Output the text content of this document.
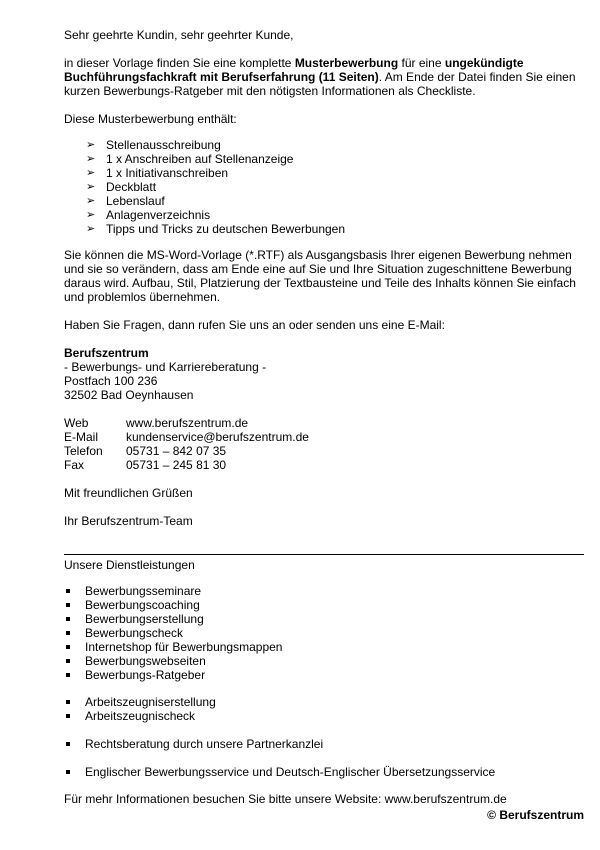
Sehr geehrte Kundin, sehr geehrter Kunde,
in dieser Vorlage finden Sie eine komplette Musterbewerbung für eine ungekündigte
Buchführungsfachkraft mit Berufserfahrung (11 Seiten). Am Ende der Datei finden Sie einen
kurzen Bewerbungs-Ratgeber mit den nötigsten Informationen als Checkliste.
Diese Musterbewerbung enthält:
➢ Stellenausschreibung
➢ 1 x Anschreiben auf Stellenanzeige
➢ 1 x Initiativanschreiben
➢ Deckblatt
➢ Lebenslauf
➢ Anlagenverzeichnis
➢ Tipps und Tricks zu deutschen Bewerbungen
Sie können die MS-Word-Vorlage (*.RTF) als Ausgangsbasis Ihrer eigenen Bewerbung nehmen
und sie so verändern, dass am Ende eine auf Sie und Ihre Situation zugeschnittene Bewerbung
daraus wird. Aufbau, Stil, Platzierung der Textbausteine und Teile des Inhalts können Sie einfach
und problemlos übernehmen.
Haben Sie Fragen, dann rufen Sie uns an oder senden uns eine E-Mail:
Berufszentrum
- Bewerbungs- und Karriereberatung -
Postfach 100 236
32502 Bad Oeynhausen
Web	www.berufszentrum.de
E-Mail kundenservice@berufszentrum.de
Telefon 05731 – 842 07 35
Fax	05731 – 245 81 30
Mit freundlichen Grüßen
Ihr Berufszentrum-Team
Unsere Dienstleistungen
Bewerbungsseminare
Bewerbungscoaching
Bewerbungserstellung
Bewerbungscheck
Internetshop für Bewerbungsmappen
Bewerbungswebseiten
Bewerbungs-Ratgeber
Arbeitszeugniserstellung
Arbeitszeugnischeck
Rechtsberatung durch unsere Partnerkanzlei
Englischer Bewerbungsservice und Deutsch-Englischer Übersetzungsservice
Für mehr Informationen besuchen Sie bitte unsere Website: www.berufszentrum.de
© Berufszentrum
